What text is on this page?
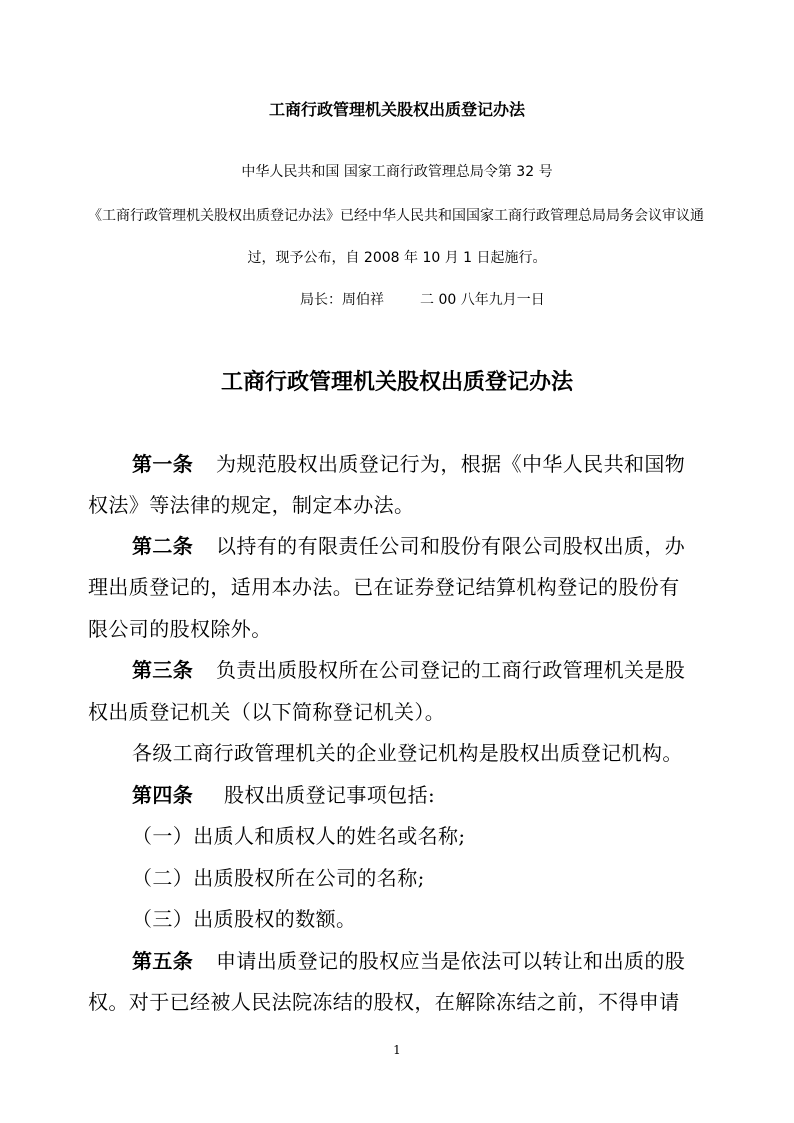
工商行政管理机关股权出质登记办法
中华人民共和国 国家工商行政管理总局令第 32 号
《工商行政管理机关股权出质登记办法》已经中华人民共和国国家工商行政管理总局局务会议审议通
过，现予公布，自 2008 年 10 月 1 日起施行。
局长：周伯祥	二 00 八年九月一日
工商行政管理机关股权出质登记办法
第一条 为规范股权出质登记行为，根据《中华人民共和国物
权法》等法律的规定，制定本办法。
第二条 以持有的有限责任公司和股份有限公司股权出质，办
理出质登记的，适用本办法。已在证券登记结算机构登记的股份有
限公司的股权除外。
第三条 负责出质股权所在公司登记的工商行政管理机关是股
权出质登记机关（以下简称登记机关）。
各级工商行政管理机关的企业登记机构是股权出质登记机构。
第四条 股权出质登记事项包括:
（一）出质人和质权人的姓名或名称;
（二）出质股权所在公司的名称;
（三）出质股权的数额。
第五条 申请出质登记的股权应当是依法可以转让和出质的股
权。对于已经被人民法院冻结的股权，在解除冻结之前，不得申请
1
